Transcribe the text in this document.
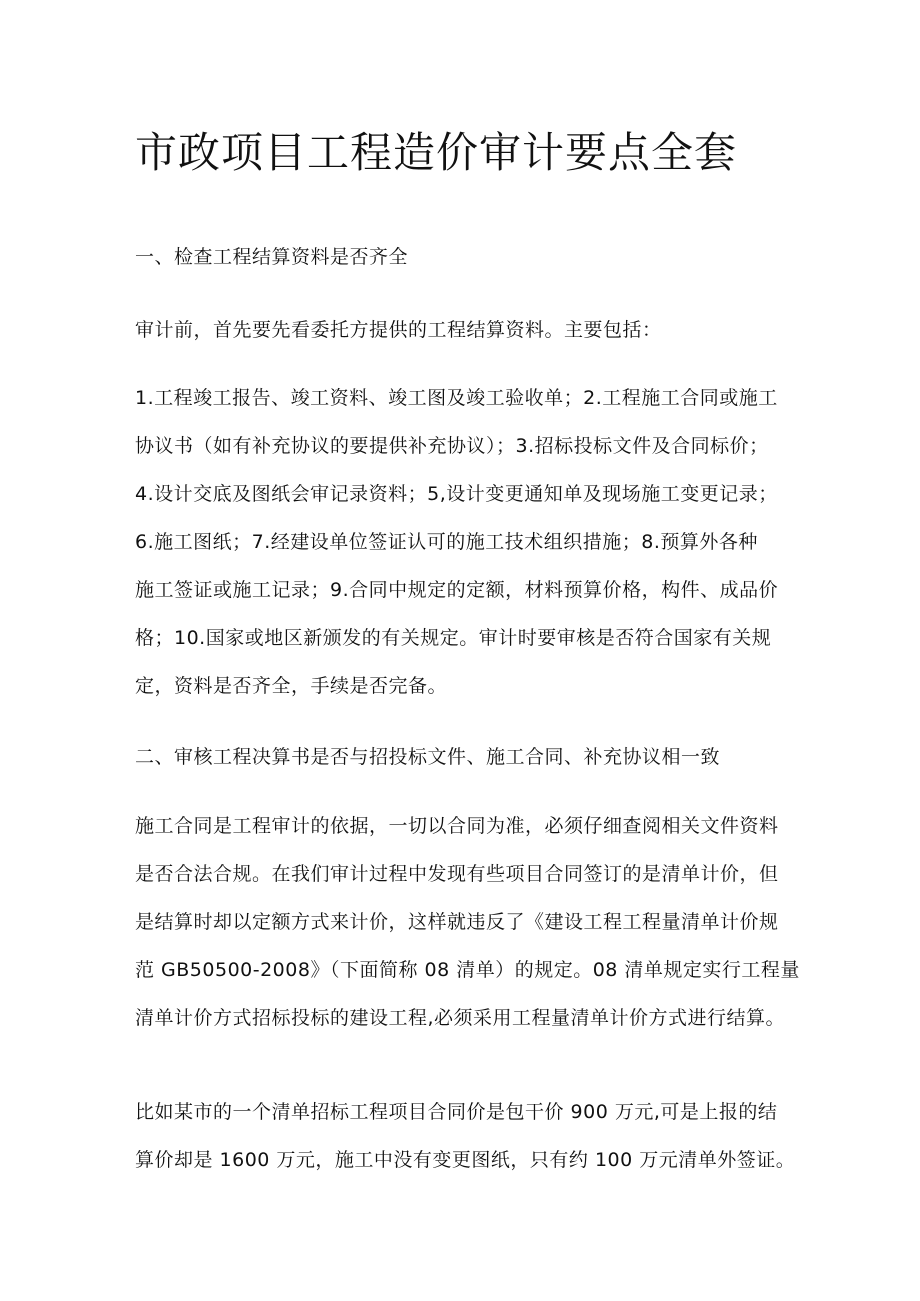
市政项目工程造价审计要点全套

一、检查工程结算资料是否齐全

审计前，首先要先看委托方提供的工程结算资料。主要包括：

1.工程竣工报告、竣工资料、竣工图及竣工验收单；2.工程施工合同或施工
协议书（如有补充协议的要提供补充协议）；3.招标投标文件及合同标价；
4.设计交底及图纸会审记录资料；5,设计变更通知单及现场施工变更记录；
6.施工图纸；7.经建设单位签证认可的施工技术组织措施；8.预算外各种
施工签证或施工记录；9.合同中规定的定额，材料预算价格，构件、成品价
格；10.国家或地区新颁发的有关规定。审计时要审核是否符合国家有关规
定，资料是否齐全，手续是否完备。

二、审核工程决算书是否与招投标文件、施工合同、补充协议相一致

施工合同是工程审计的依据，一切以合同为准，必须仔细查阅相关文件资料
是否合法合规。在我们审计过程中发现有些项目合同签订的是清单计价，但
是结算时却以定额方式来计价，这样就违反了《建设工程工程量清单计价规
范 GB50500-2008》（下面简称 08 清单）的规定。08 清单规定实行工程量
清单计价方式招标投标的建设工程,必须采用工程量清单计价方式进行结算。
比如某市的一个清单招标工程项目合同价是包干价 900 万元,可是上报的结
算价却是 1600 万元，施工中没有变更图纸，只有约 100 万元清单外签证。
